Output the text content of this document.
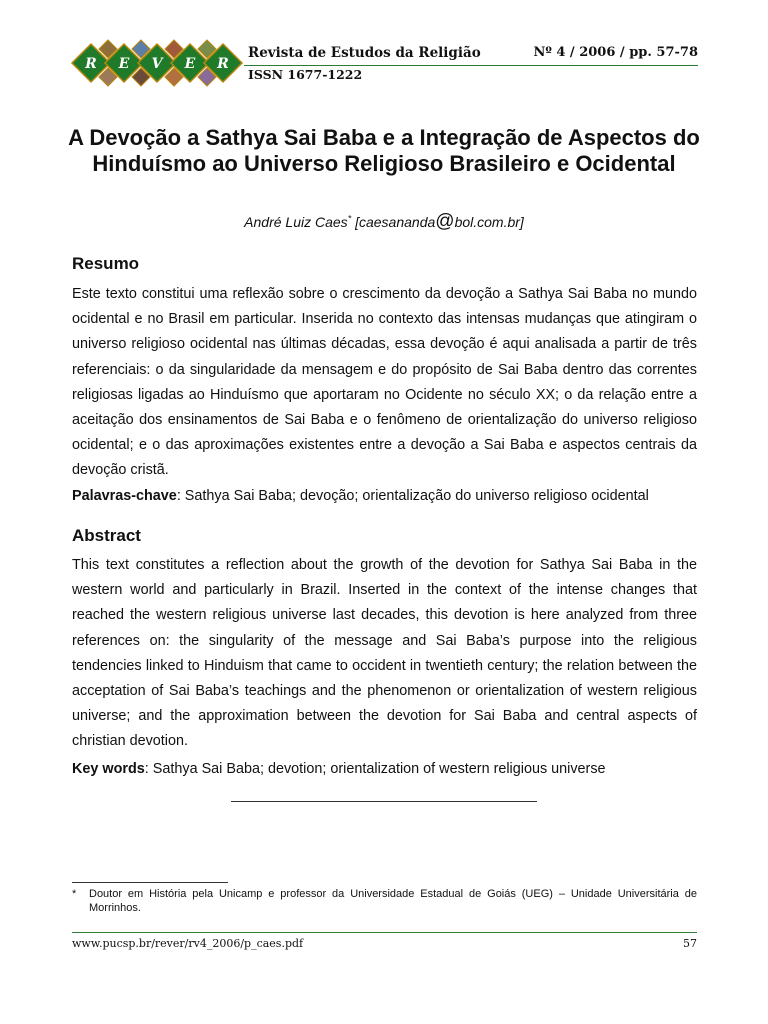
R E V E R
Revista de Estudos da Religião	Nº 4 / 2006 / pp. 57-78
ISSN 1677-1222
A Devoção a Sathya Sai Baba e a Integração de Aspectos do Hinduísmo ao Universo Religioso Brasileiro e Ocidental
André Luiz Caes* [caesananda@bol.com.br]
Resumo

Este texto constitui uma reflexão sobre o crescimento da devoção a Sathya Sai Baba no mundo ocidental e no Brasil em particular. Inserida no contexto das intensas mudanças que atingiram o universo religioso ocidental nas últimas décadas, essa devoção é aqui analisada a partir de três referenciais: o da singularidade da mensagem e do propósito de Sai Baba dentro das correntes religiosas ligadas ao Hinduísmo que aportaram no Ocidente no século XX; o da relação entre a aceitação dos ensinamentos de Sai Baba e o fenômeno de orientalização do universo religioso ocidental; e o das aproximações existentes entre a devoção a Sai Baba e aspectos centrais da devoção cristã.

Palavras-chave: Sathya Sai Baba; devoção; orientalização do universo religioso ocidental
Abstract

This text constitutes a reflection about the growth of the devotion for Sathya Sai Baba in the western world and particularly in Brazil. Inserted in the context of the intense changes that reached the western religious universe last decades, this devotion is here analyzed from three references on: the singularity of the message and Sai Baba’s purpose into the religious tendencies linked to Hinduism that came to occident in twentieth century; the relation between the acceptation of Sai Baba’s teachings and the phenomenon or orientalization of western religious universe; and the approximation between the devotion for Sai Baba and central aspects of christian devotion.

Key words: Sathya Sai Baba; devotion; orientalization of western religious universe
* Doutor em História pela Unicamp e professor da Universidade Estadual de Goiás (UEG) – Unidade Universitária de Morrinhos.
www.pucsp.br/rever/rv4_2006/p_caes.pdf	57
